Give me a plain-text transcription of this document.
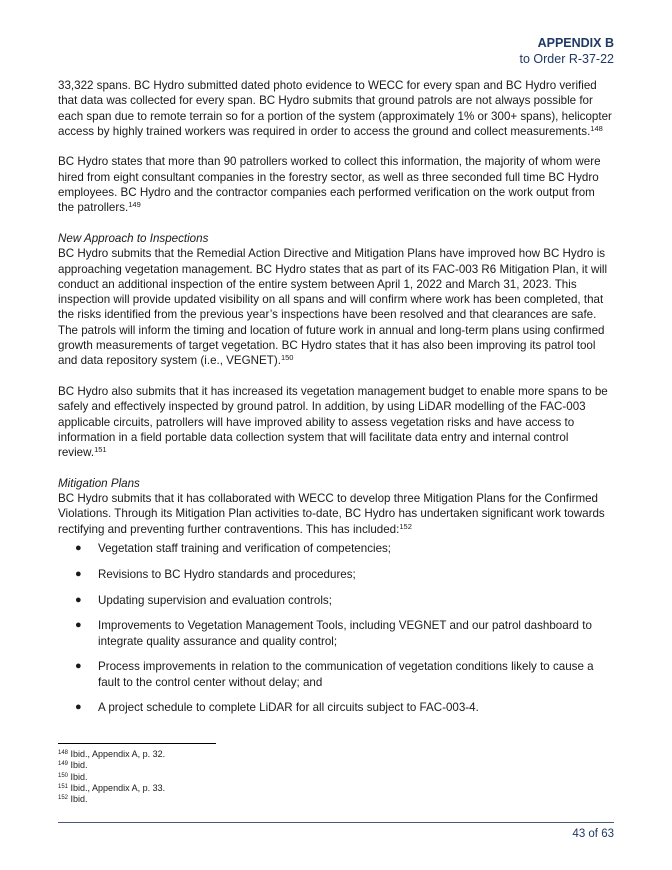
APPENDIX B
to Order R-37-22

33,322 spans. BC Hydro submitted dated photo evidence to WECC for every span and BC Hydro verified that data was collected for every span. BC Hydro submits that ground patrols are not always possible for each span due to remote terrain so for a portion of the system (approximately 1% or 300+ spans), helicopter access by highly trained workers was required in order to access the ground and collect measurements.$^{148}$

BC Hydro states that more than 90 patrollers worked to collect this information, the majority of whom were hired from eight consultant companies in the forestry sector, as well as three seconded full time BC Hydro employees. BC Hydro and the contractor companies each performed verification on the work output from the patrollers.$^{149}$

New Approach to Inspections

BC Hydro submits that the Remedial Action Directive and Mitigation Plans have improved how BC Hydro is approaching vegetation management. BC Hydro states that as part of its FAC-003 R6 Mitigation Plan, it will conduct an additional inspection of the entire system between April 1, 2022 and March 31, 2023. This inspection will provide updated visibility on all spans and will confirm where work has been completed, that the risks identified from the previous year’s inspections have been resolved and that clearances are safe. The patrols will inform the timing and location of future work in annual and long-term plans using confirmed growth measurements of target vegetation. BC Hydro states that it has also been improving its patrol tool and data repository system (i.e., VEGNET).$^{150}$

BC Hydro also submits that it has increased its vegetation management budget to enable more spans to be safely and effectively inspected by ground patrol. In addition, by using LiDAR modelling of the FAC-003 applicable circuits, patrollers will have improved ability to assess vegetation risks and have access to information in a field portable data collection system that will facilitate data entry and internal control review.$^{151}$

Mitigation Plans

BC Hydro submits that it has collaborated with WECC to develop three Mitigation Plans for the Confirmed Violations. Through its Mitigation Plan activities to-date, BC Hydro has undertaken significant work towards rectifying and preventing further contraventions. This has included:$^{152}$

● Vegetation staff training and verification of competencies;
● Revisions to BC Hydro standards and procedures;
● Updating supervision and evaluation controls;
● Improvements to Vegetation Management Tools, including VEGNET and our patrol dashboard to integrate quality assurance and quality control;
● Process improvements in relation to the communication of vegetation conditions likely to cause a fault to the control center without delay; and
● A project schedule to complete LiDAR for all circuits subject to FAC-003-4.
$^{148}$ Ibid., Appendix A, p. 32.
$^{149}$ Ibid.
$^{150}$ Ibid.
$^{151}$ Ibid., Appendix A, p. 33.
$^{152}$ Ibid.
43 of 63
